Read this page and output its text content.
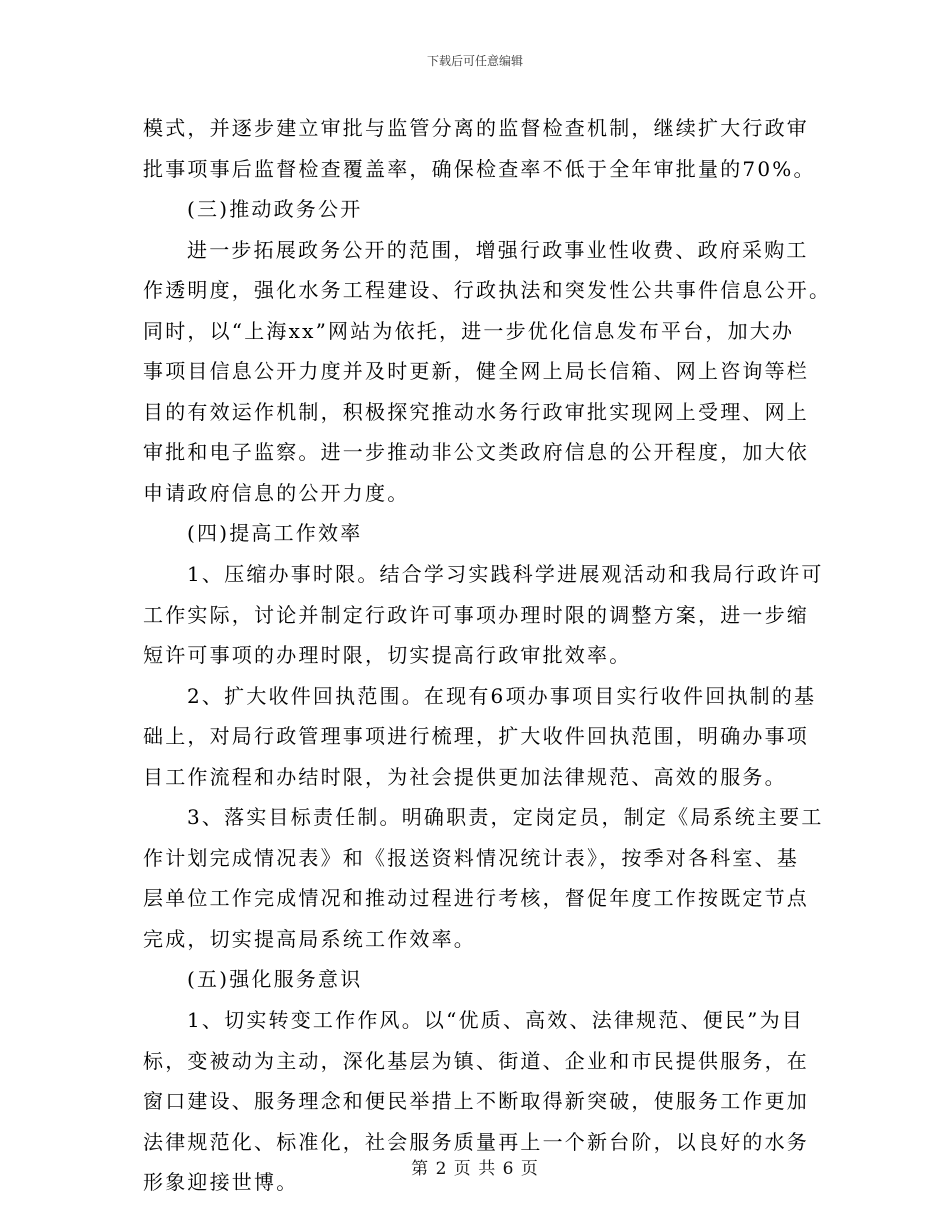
下载后可任意编辑
模式，并逐步建立审批与监管分离的监督检查机制，继续扩大行政审
批事项事后监督检查覆盖率，确保检查率不低于全年审批量的70%。
(三)推动政务公开
进一步拓展政务公开的范围，增强行政事业性收费、政府采购工
作透明度，强化水务工程建设、行政执法和突发性公共事件信息公开。
同时，以“上海xx”网站为依托，进一步优化信息发布平台，加大办
事项目信息公开力度并及时更新，健全网上局长信箱、网上咨询等栏
目的有效运作机制，积极探究推动水务行政审批实现网上受理、网上
审批和电子监察。进一步推动非公文类政府信息的公开程度，加大依
申请政府信息的公开力度。
(四)提高工作效率
1、压缩办事时限。结合学习实践科学进展观活动和我局行政许可
工作实际，讨论并制定行政许可事项办理时限的调整方案，进一步缩
短许可事项的办理时限，切实提高行政审批效率。
2、扩大收件回执范围。在现有6项办事项目实行收件回执制的基
础上，对局行政管理事项进行梳理，扩大收件回执范围，明确办事项
目工作流程和办结时限，为社会提供更加法律规范、高效的服务。
3、落实目标责任制。明确职责，定岗定员，制定《局系统主要工
作计划完成情况表》和《报送资料情况统计表》，按季对各科室、基
层单位工作完成情况和推动过程进行考核，督促年度工作按既定节点
完成，切实提高局系统工作效率。
(五)强化服务意识
1、切实转变工作作风。以“优质、高效、法律规范、便民”为目
标，变被动为主动，深化基层为镇、街道、企业和市民提供服务，在
窗口建设、服务理念和便民举措上不断取得新突破，使服务工作更加
法律规范化、标准化，社会服务质量再上一个新台阶，以良好的水务
形象迎接世博。
第 2 页 共 6 页
